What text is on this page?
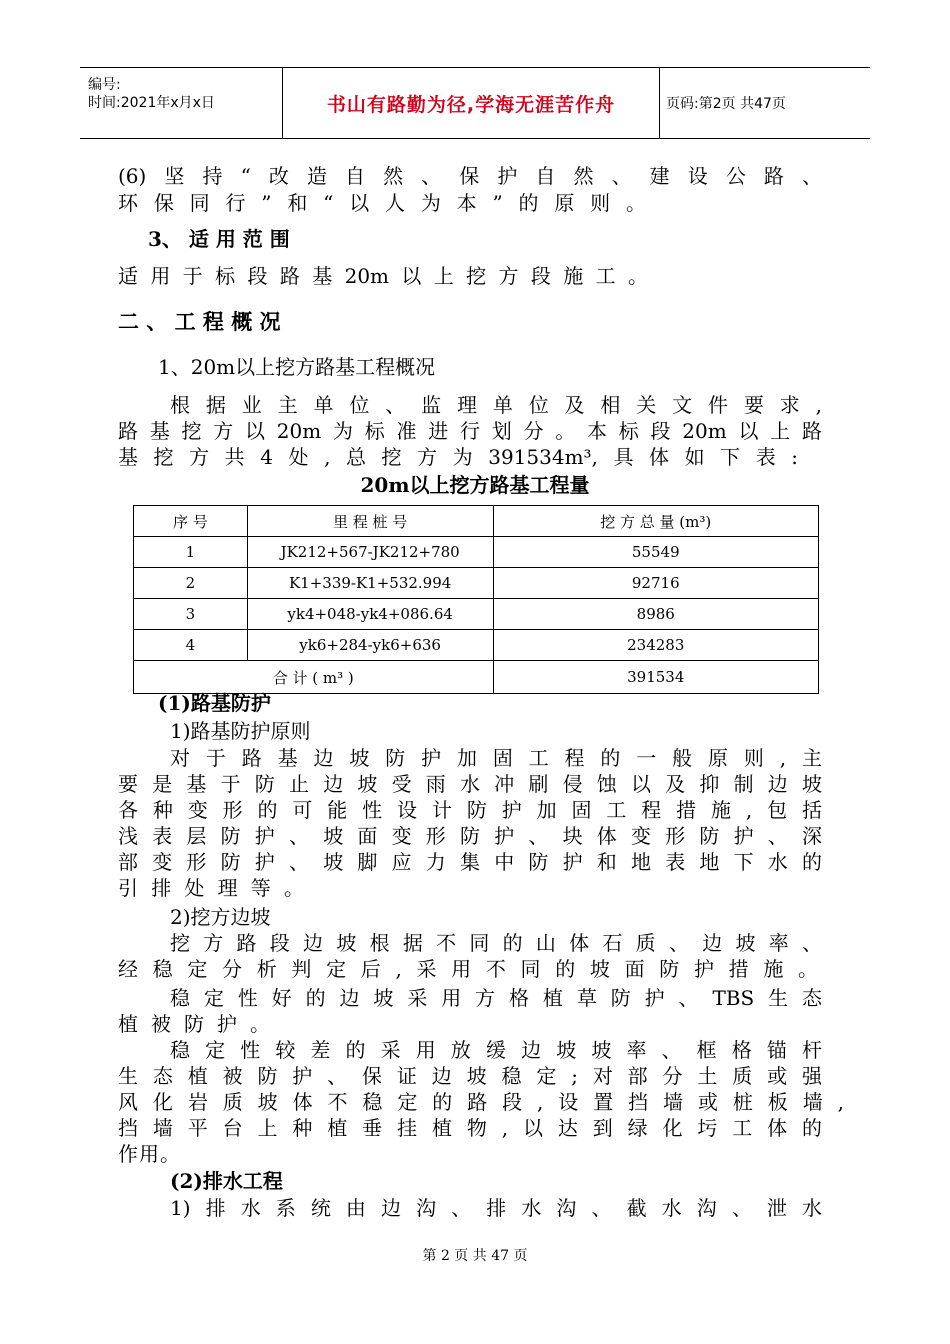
编号:
时间:2021年x月x日	书山有路勤为径,学海无涯苦作舟	页码:第2页 共47页
(6)坚持“改造自然、保护自然、建设公路、
环保同行”和“以人为本”的原则。
3、 适 用 范 围
适用于标段路基20m以上挖方段施工。
二 、 工 程 概 况
1、20m以上挖方路基工程概况
根据业主单位、监理单位及相关文件要求,
路基挖方以20m为标准进行划分。本标段20m以上路
基挖方共4处,总挖方为391534m³,具体如下表:
20m以上挖方路基工程量
序 号	里 程 桩 号	挖 方 总 量 (m³)
1	JK212+567-JK212+780	55549
2	K1+339-K1+532.994	92716
3	yk4+048-yk4+086.64	8986
4	yk6+284-yk6+636	234283
合 计 ( m³ )		391534
(1)路基防护
1)路基防护原则
对于路基边坡防护加固工程的一般原则,主
要是基于防止边坡受雨水冲刷侵蚀以及抑制边坡
各种变形的可能性设计防护加固工程措施,包括
浅表层防护、坡面变形防护、块体变形防护、深
部变形防护、坡脚应力集中防护和地表地下水的
引排处理等。
2)挖方边坡
挖方路段边坡根据不同的山体石质、边坡率、
经稳定分析判定后,采用不同的坡面防护措施。
稳定性好的边坡采用方格植草防护、TBS生态
植被防护。
稳定性较差的采用放缓边坡坡率、框格锚杆
生态植被防护、保证边坡稳定;对部分土质或强
风化岩质坡体不稳定的路段,设置挡墙或桩板墙,
挡墙平台上种植垂挂植物,以达到绿化圬工体的
作用。
(2)排水工程
1)排水系统由边沟、排水沟、截水沟、泄水
第 2 页 共 47 页
